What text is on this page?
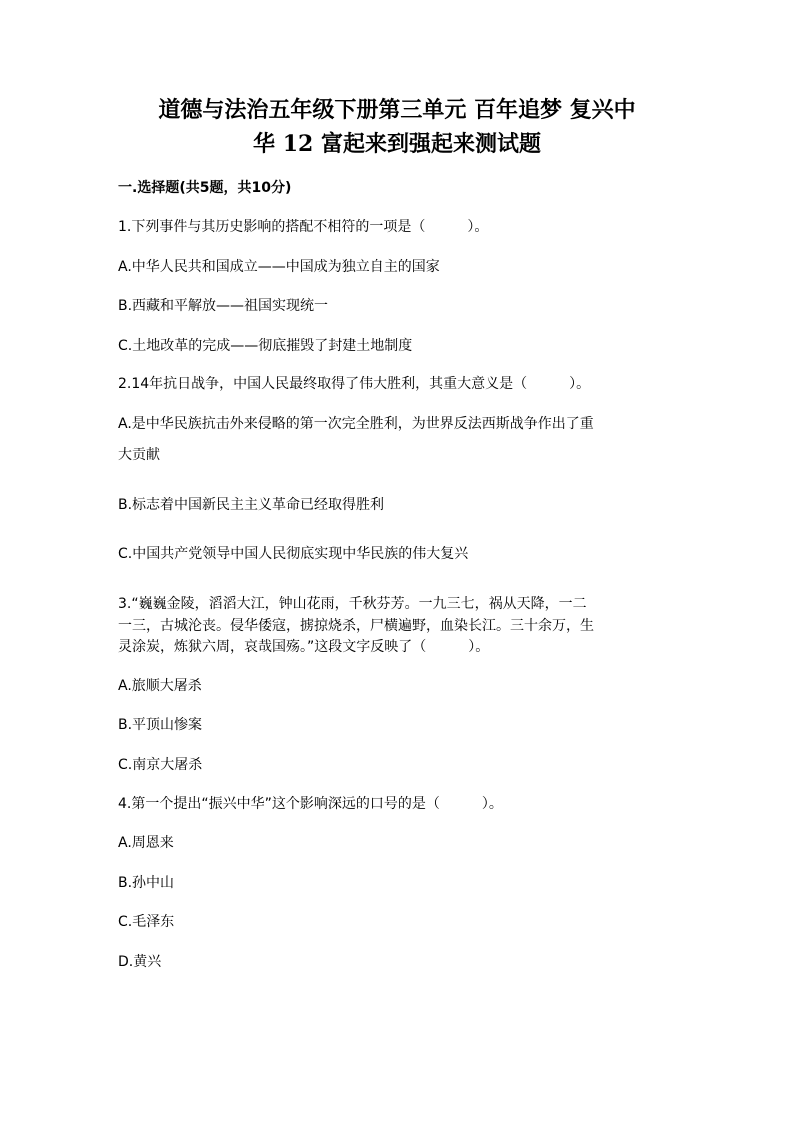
道德与法治五年级下册第三单元 百年追梦 复兴中
华 12 富起来到强起来测试题
一.选择题(共5题，共10分)
1.下列事件与其历史影响的搭配不相符的一项是（　　　）。
A.中华人民共和国成立——中国成为独立自主的国家
B.西藏和平解放——祖国实现统一
C.土地改革的完成——彻底摧毁了封建土地制度
2.14年抗日战争，中国人民最终取得了伟大胜利，其重大意义是（　　　）。
A.是中华民族抗击外来侵略的第一次完全胜利，为世界反法西斯战争作出了重
大贡献
B.标志着中国新民主主义革命已经取得胜利
C.中国共产党领导中国人民彻底实现中华民族的伟大复兴
3.“巍巍金陵，滔滔大江，钟山花雨，千秋芬芳。一九三七，祸从天降，一二
一三，古城沦丧。侵华倭寇，掳掠烧杀，尸横遍野，血染长江。三十余万，生
灵涂炭，炼狱六周，哀哉国殇。”这段文字反映了（　　　）。
A.旅顺大屠杀
B.平顶山惨案
C.南京大屠杀
4.第一个提出“振兴中华”这个影响深远的口号的是（　　　）。
A.周恩来
B.孙中山
C.毛泽东
D.黄兴
